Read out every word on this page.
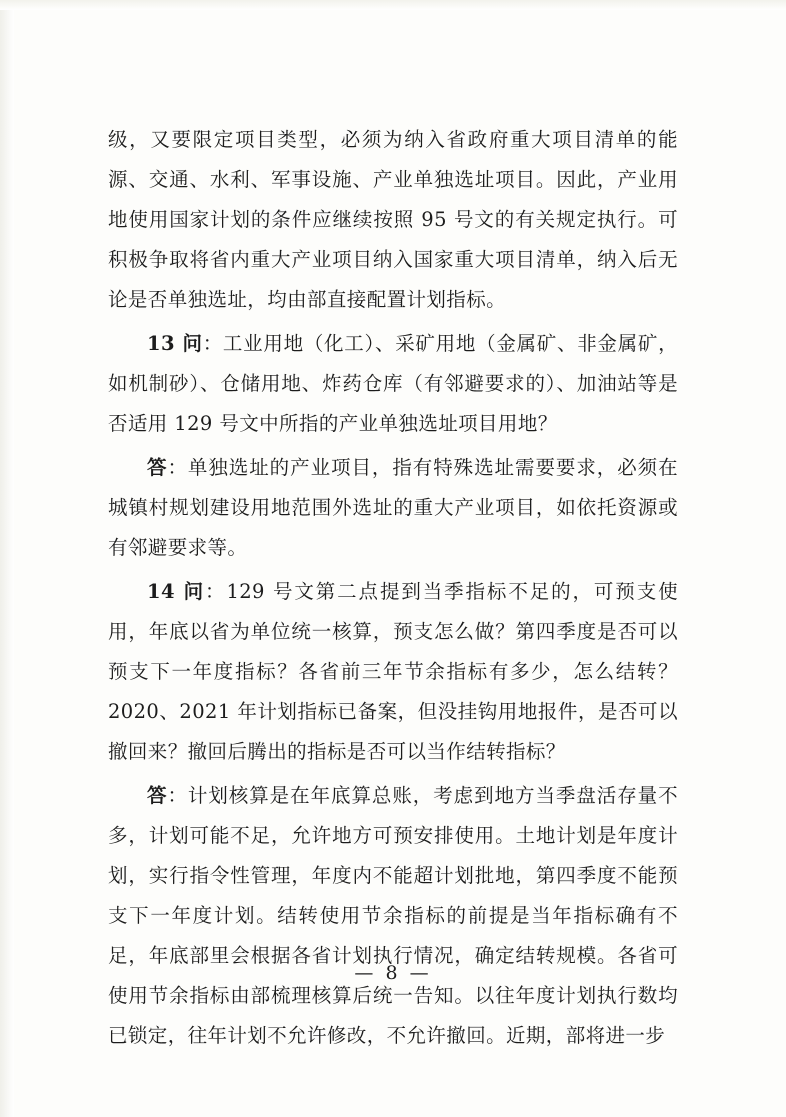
级，又要限定项目类型，必须为纳入省政府重大项目清单的能源、交通、水利、军事设施、产业单独选址项目。因此，产业用地使用国家计划的条件应继续按照 95 号文的有关规定执行。可积极争取将省内重大产业项目纳入国家重大项目清单，纳入后无论是否单独选址，均由部直接配置计划指标。

13 问：工业用地（化工）、采矿用地（金属矿、非金属矿，如机制砂）、仓储用地、炸药仓库（有邻避要求的）、加油站等是否适用 129 号文中所指的产业单独选址项目用地？

答：单独选址的产业项目，指有特殊选址需要要求，必须在城镇村规划建设用地范围外选址的重大产业项目，如依托资源或有邻避要求等。

14 问：129 号文第二点提到当季指标不足的，可预支使用，年底以省为单位统一核算，预支怎么做？第四季度是否可以预支下一年度指标？各省前三年节余指标有多少，怎么结转？2020、2021 年计划指标已备案，但没挂钩用地报件，是否可以撤回来？撤回后腾出的指标是否可以当作结转指标？

答：计划核算是在年底算总账，考虑到地方当季盘活存量不多，计划可能不足，允许地方可预安排使用。土地计划是年度计划，实行指令性管理，年度内不能超计划批地，第四季度不能预支下一年度计划。结转使用节余指标的前提是当年指标确有不足，年底部里会根据各省计划执行情况，确定结转规模。各省可使用节余指标由部梳理核算后统一告知。以往年度计划执行数均已锁定，往年计划不允许修改，不允许撤回。近期，部将进一步

— 8 —
